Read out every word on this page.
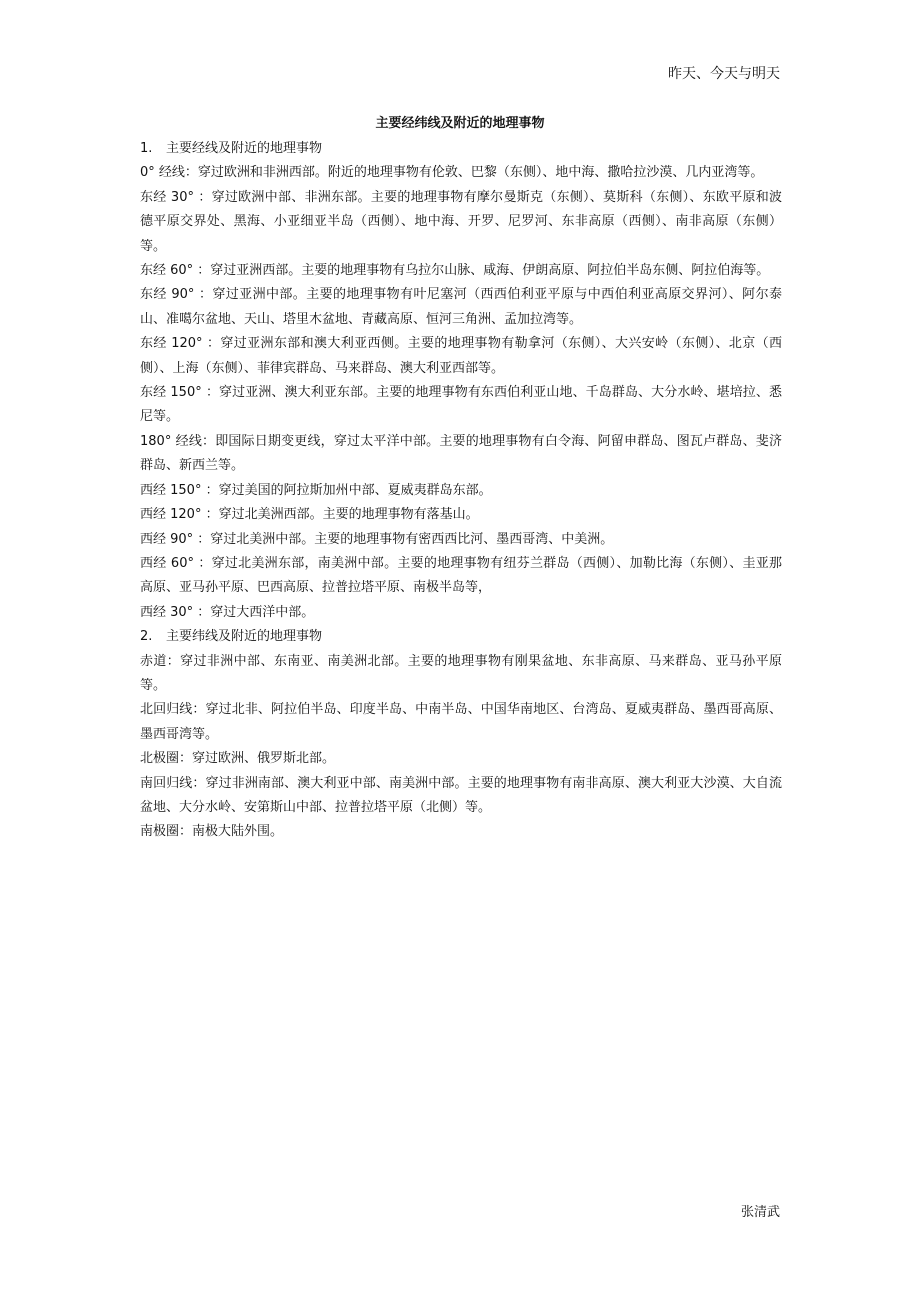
昨天、今天与明天
主要经纬线及附近的地理事物

1. 主要经线及附近的地理事物

0° 经线：穿过欧洲和非洲西部。附近的地理事物有伦敦、巴黎（东侧）、地中海、撒哈拉沙漠、几内亚湾等。

东经 30° ：穿过欧洲中部、非洲东部。主要的地理事物有摩尔曼斯克（东侧）、莫斯科（东侧）、东欧平原和波德平原交界处、黑海、小亚细亚半岛（西侧）、地中海、开罗、尼罗河、东非高原（西侧）、南非高原（东侧）等。

东经 60° ：穿过亚洲西部。主要的地理事物有乌拉尔山脉、咸海、伊朗高原、阿拉伯半岛东侧、阿拉伯海等。

东经 90° ：穿过亚洲中部。主要的地理事物有叶尼塞河（西西伯利亚平原与中西伯利亚高原交界河）、阿尔泰山、准噶尔盆地、天山、塔里木盆地、青藏高原、恒河三角洲、孟加拉湾等。

东经 120° ：穿过亚洲东部和澳大利亚西侧。主要的地理事物有勒拿河（东侧）、大兴安岭（东侧）、北京（西侧）、上海（东侧）、菲律宾群岛、马来群岛、澳大利亚西部等。

东经 150° ：穿过亚洲、澳大利亚东部。主要的地理事物有东西伯利亚山地、千岛群岛、大分水岭、堪培拉、悉尼等。

180° 经线：即国际日期变更线，穿过太平洋中部。主要的地理事物有白令海、阿留申群岛、图瓦卢群岛、斐济群岛、新西兰等。

西经 150° ：穿过美国的阿拉斯加州中部、夏威夷群岛东部。

西经 120° ：穿过北美洲西部。主要的地理事物有落基山。

西经 90° ：穿过北美洲中部。主要的地理事物有密西西比河、墨西哥湾、中美洲。

西经 60° ：穿过北美洲东部，南美洲中部。主要的地理事物有纽芬兰群岛（西侧）、加勒比海（东侧）、圭亚那高原、亚马孙平原、巴西高原、拉普拉塔平原、南极半岛等，

西经 30° ：穿过大西洋中部。

2. 主要纬线及附近的地理事物

赤道：穿过非洲中部、东南亚、南美洲北部。主要的地理事物有刚果盆地、东非高原、马来群岛、亚马孙平原等。

北回归线：穿过北非、阿拉伯半岛、印度半岛、中南半岛、中国华南地区、台湾岛、夏威夷群岛、墨西哥高原、墨西哥湾等。

北极圈：穿过欧洲、俄罗斯北部。

南回归线：穿过非洲南部、澳大利亚中部、南美洲中部。主要的地理事物有南非高原、澳大利亚大沙漠、大自流盆地、大分水岭、安第斯山中部、拉普拉塔平原（北侧）等。

南极圈：南极大陆外围。

张清武
